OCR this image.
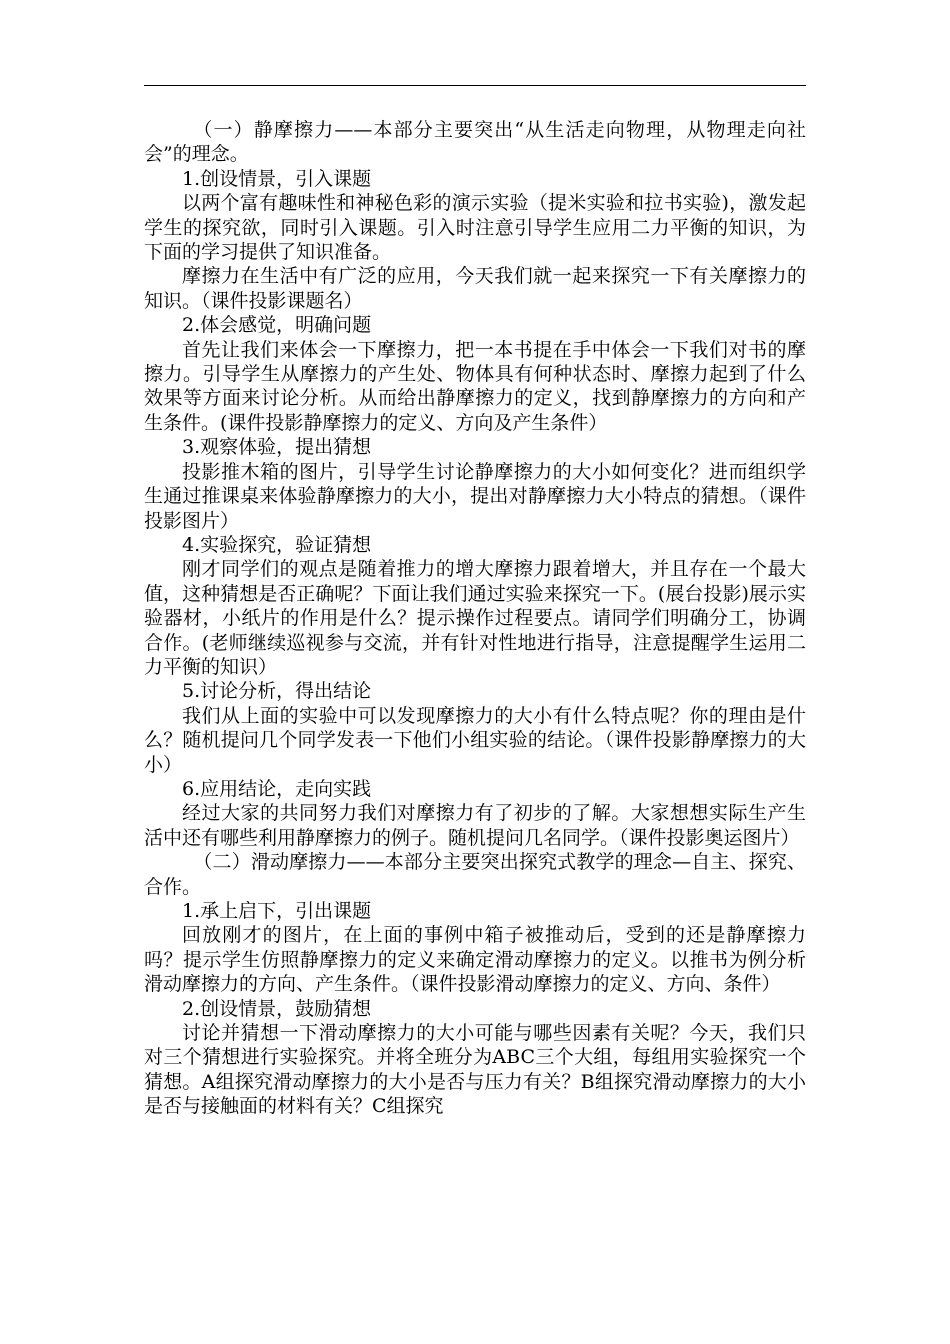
（一）静摩擦力——本部分主要突出“从生活走向物理，从物理走向社会”的理念。

1.创设情景，引入课题

以两个富有趣味性和神秘色彩的演示实验（提米实验和拉书实验)，激发起学生的探究欲，同时引入课题。引入时注意引导学生应用二力平衡的知识，为下面的学习提供了知识准备。

摩擦力在生活中有广泛的应用，今天我们就一起来探究一下有关摩擦力的知识。（课件投影课题名）

2.体会感觉，明确问题

首先让我们来体会一下摩擦力，把一本书提在手中体会一下我们对书的摩擦力。引导学生从摩擦力的产生处、物体具有何种状态时、摩擦力起到了什么效果等方面来讨论分析。从而给出静摩擦力的定义，找到静摩擦力的方向和产生条件。(课件投影静摩擦力的定义、方向及产生条件）

3.观察体验，提出猜想

投影推木箱的图片，引导学生讨论静摩擦力的大小如何变化？进而组织学生通过推课桌来体验静摩擦力的大小，提出对静摩擦力大小特点的猜想。（课件投影图片）

4.实验探究，验证猜想

刚才同学们的观点是随着推力的增大摩擦力跟着增大，并且存在一个最大值，这种猜想是否正确呢？下面让我们通过实验来探究一下。(展台投影)展示实验器材，小纸片的作用是什么？提示操作过程要点。请同学们明确分工，协调合作。(老师继续巡视参与交流，并有针对性地进行指导，注意提醒学生运用二力平衡的知识）

5.讨论分析，得出结论

我们从上面的实验中可以发现摩擦力的大小有什么特点呢？你的理由是什么？随机提问几个同学发表一下他们小组实验的结论。（课件投影静摩擦力的大小）

6.应用结论，走向实践

经过大家的共同努力我们对摩擦力有了初步的了解。大家想想实际生产生活中还有哪些利用静摩擦力的例子。随机提问几名同学。（课件投影奥运图片）

（二）滑动摩擦力——本部分主要突出探究式教学的理念—自主、探究、合作。

1.承上启下，引出课题

回放刚才的图片，在上面的事例中箱子被推动后，受到的还是静摩擦力吗？提示学生仿照静摩擦力的定义来确定滑动摩擦力的定义。以推书为例分析滑动摩擦力的方向、产生条件。（课件投影滑动摩擦力的定义、方向、条件）

2.创设情景，鼓励猜想

讨论并猜想一下滑动摩擦力的大小可能与哪些因素有关呢？今天，我们只对三个猜想进行实验探究。并将全班分为ABC三个大组，每组用实验探究一个猜想。A组探究滑动摩擦力的大小是否与压力有关？B组探究滑动摩擦力的大小是否与接触面的材料有关？C组探究
